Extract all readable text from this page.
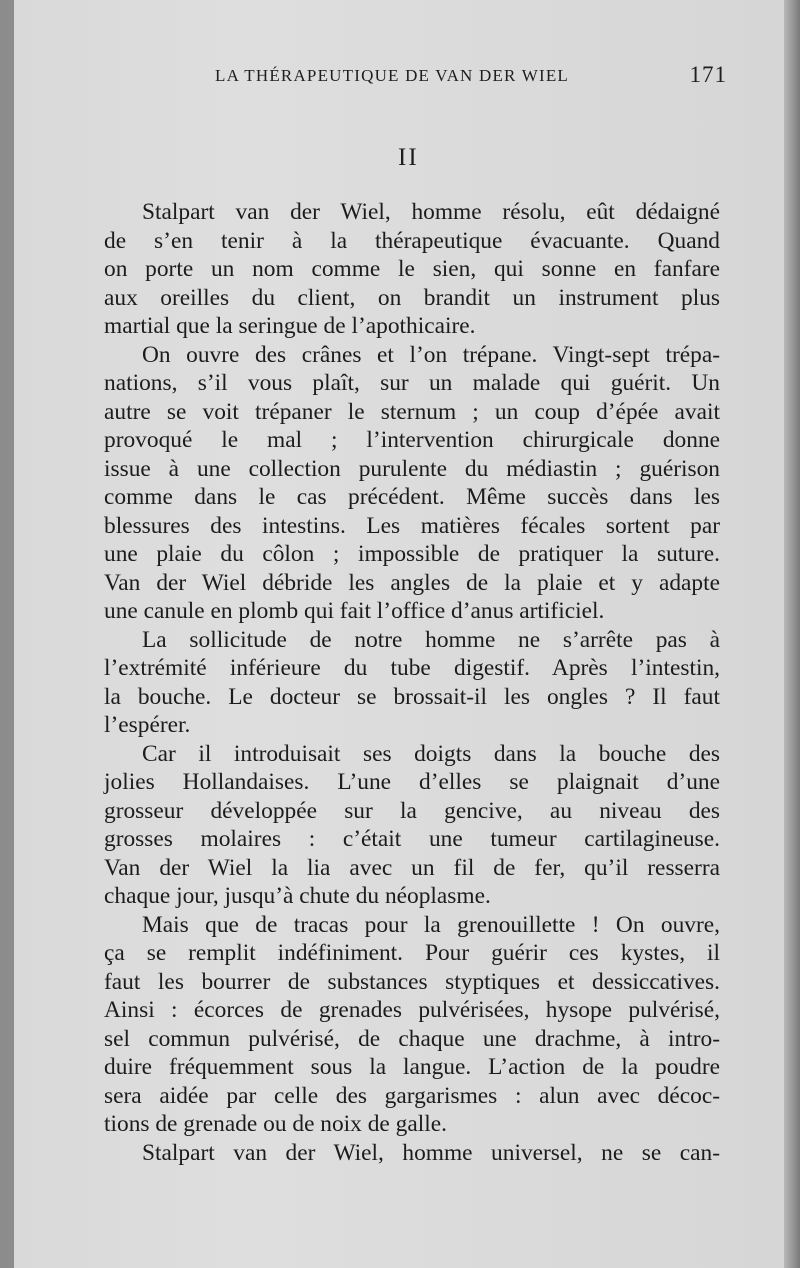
LA THÉRAPEUTIQUE DE VAN DER WIEL	171
II
Stalpart van der Wiel, homme résolu, eût dédaigné
de s’en tenir à la thérapeutique évacuante. Quand
on porte un nom comme le sien, qui sonne en fanfare
aux oreilles du client, on brandit un instrument plus
martial que la seringue de l’apothicaire.
On ouvre des crânes et l’on trépane. Vingt-sept trépa-
nations, s’il vous plaît, sur un malade qui guérit. Un
autre se voit trépaner le sternum ; un coup d’épée avait
provoqué le mal ; l’intervention chirurgicale donne
issue à une collection purulente du médiastin ; guérison
comme dans le cas précédent. Même succès dans les
blessures des intestins. Les matières fécales sortent par
une plaie du côlon ; impossible de pratiquer la suture.
Van der Wiel débride les angles de la plaie et y adapte
une canule en plomb qui fait l’office d’anus artificiel.
La sollicitude de notre homme ne s’arrête pas à
l’extrémité inférieure du tube digestif. Après l’intestin,
la bouche. Le docteur se brossait-il les ongles ? Il faut
l’espérer.
Car il introduisait ses doigts dans la bouche des
jolies Hollandaises. L’une d’elles se plaignait d’une
grosseur développée sur la gencive, au niveau des
grosses molaires : c’était une tumeur cartilagineuse.
Van der Wiel la lia avec un fil de fer, qu’il resserra
chaque jour, jusqu’à chute du néoplasme.
Mais que de tracas pour la grenouillette ! On ouvre,
ça se remplit indéfiniment. Pour guérir ces kystes, il
faut les bourrer de substances styptiques et dessiccatives.
Ainsi : écorces de grenades pulvérisées, hysope pulvérisé,
sel commun pulvérisé, de chaque une drachme, à intro-
duire fréquemment sous la langue. L’action de la poudre
sera aidée par celle des gargarismes : alun avec décoc-
tions de grenade ou de noix de galle.
Stalpart van der Wiel, homme universel, ne se can-
